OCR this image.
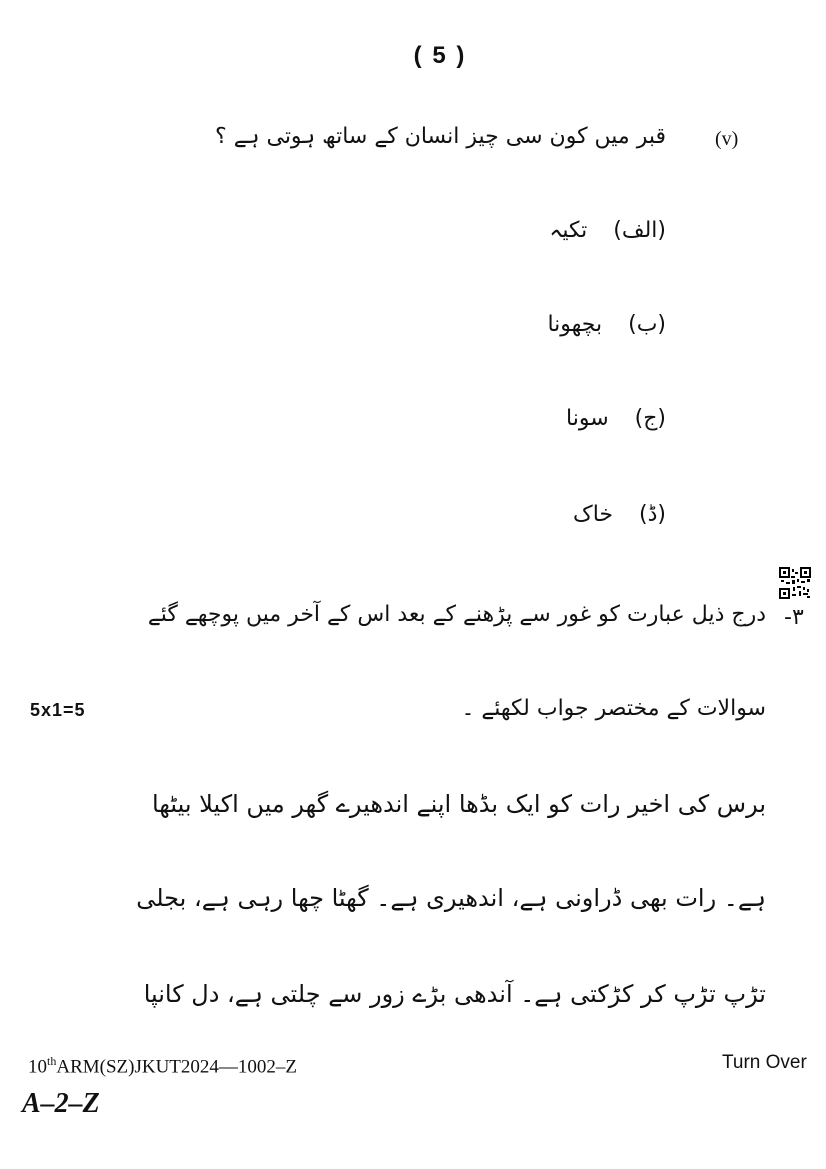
( 5 )
(v)
قبر میں کون سی چیز انسان کے ساتھ ہوتی ہے ؟
(الف)
تکیہ
(ب)
بچھونا
(ج)
سونا
(ڈ)
خاک
-۳
درج ذیل عبارت کو غور سے پڑھنے کے بعد اس کے آخر میں پوچھے گئے
سوالات کے مختصر جواب لکھئے ۔
5x1=5
برس کی اخیر رات کو ایک بڈھا اپنے اندھیرے گھر میں اکیلا بیٹھا
ہے۔ رات بھی ڈراونی ہے، اندھیری ہے۔ گھٹا چھا رہی ہے، بجلی
تڑپ تڑپ کر کڑکتی ہے۔ آندھی بڑے زور سے چلتی ہے، دل کانپا
10thARM(SZ)JKUT2024—1002–Z	Turn Over
A–2–Z
